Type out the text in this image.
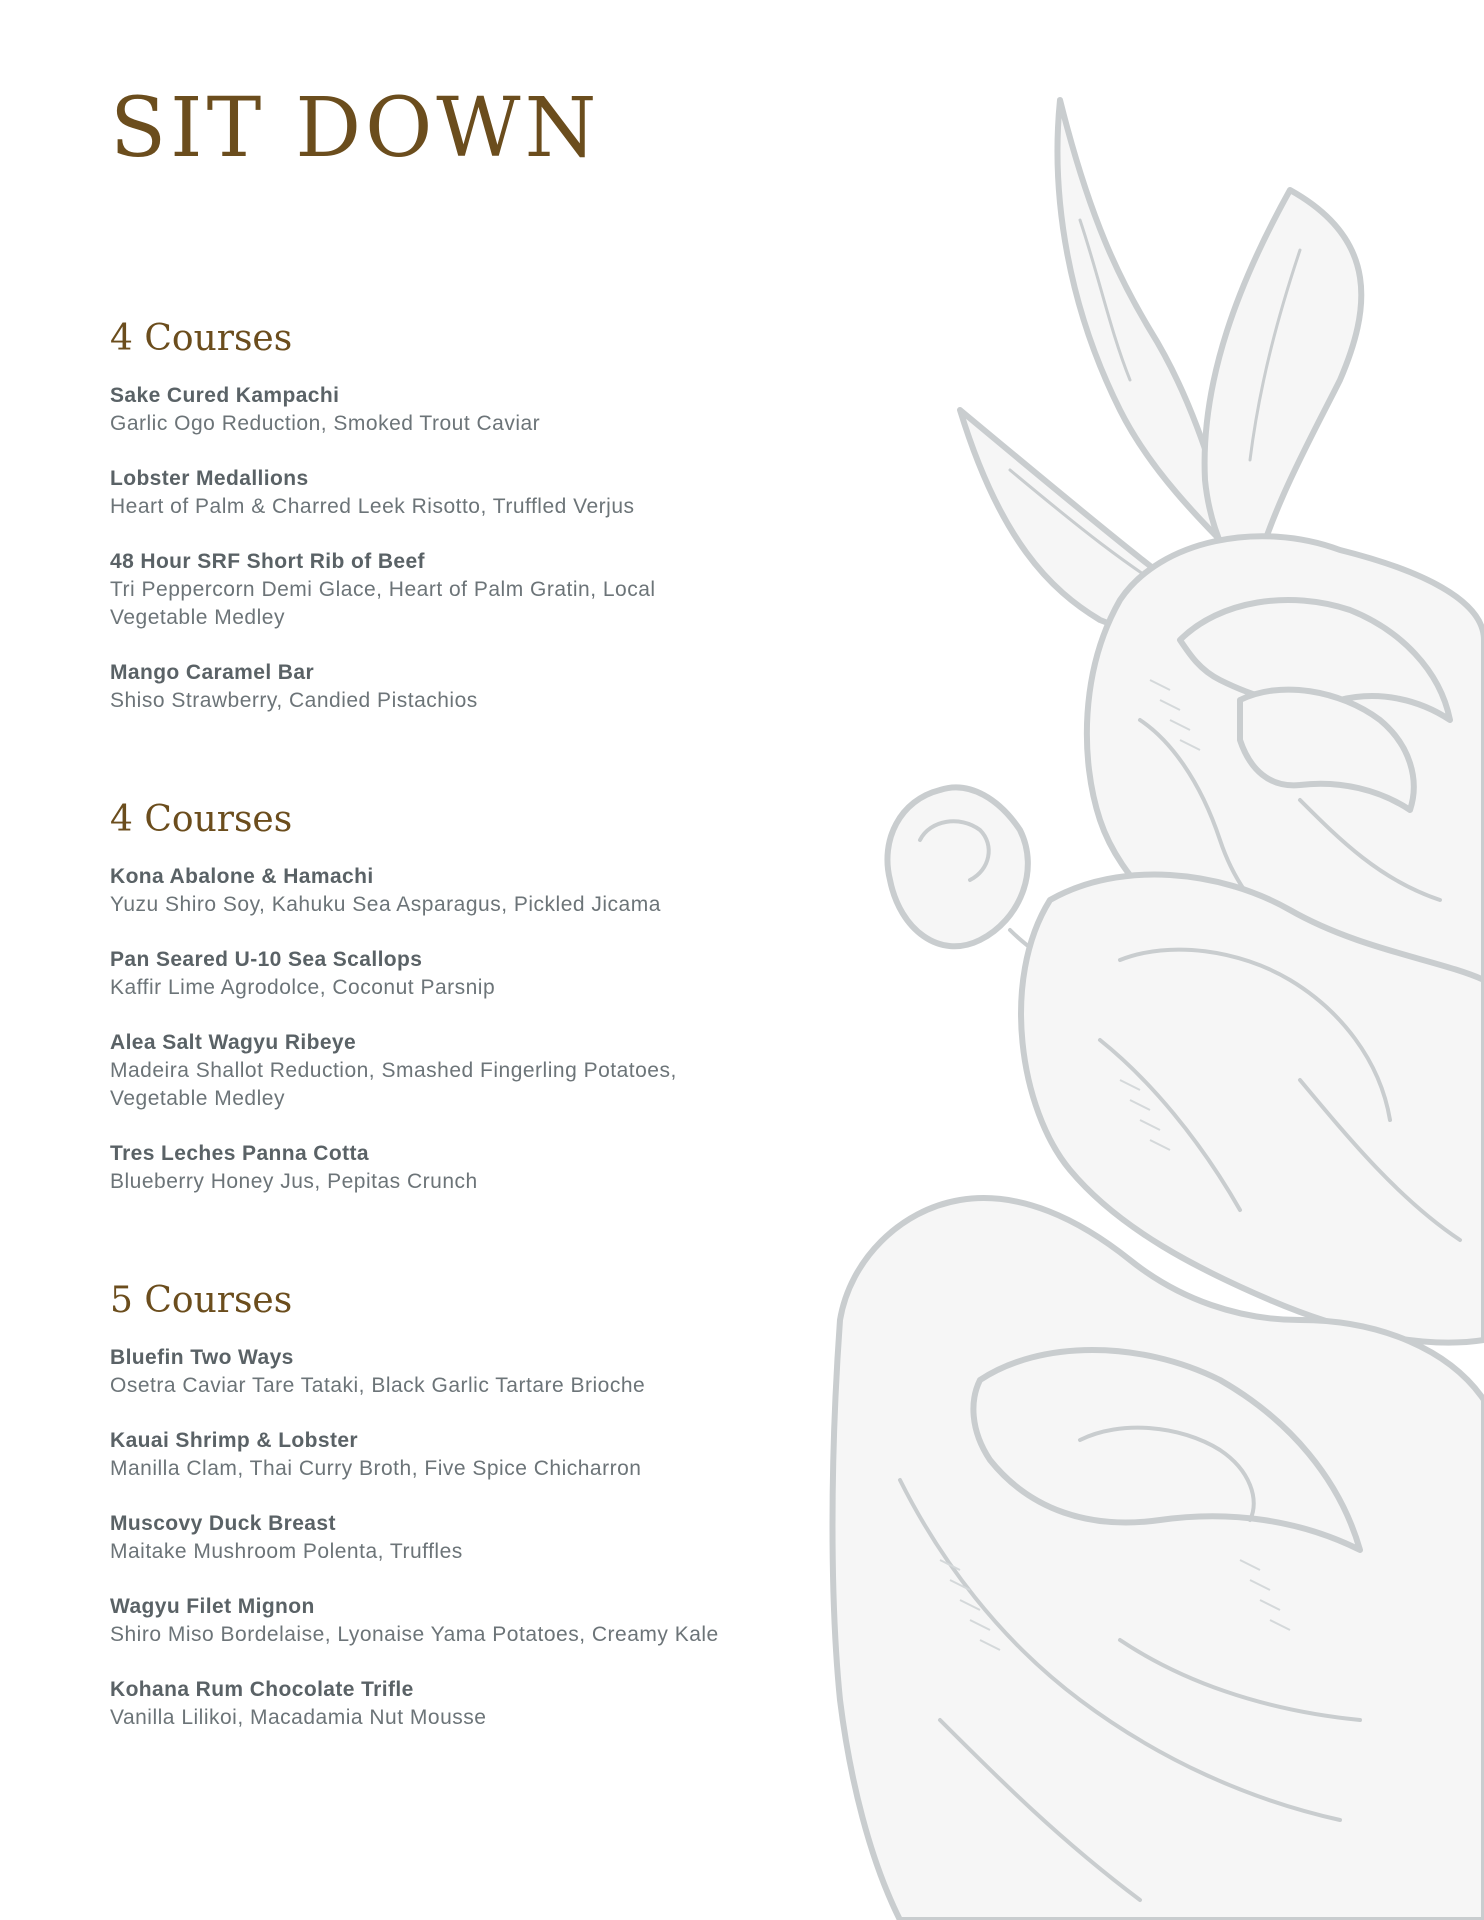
SIT DOWN
4 Courses
Sake Cured Kampachi
Garlic Ogo Reduction, Smoked Trout Caviar
Lobster Medallions
Heart of Palm & Charred Leek Risotto, Truffled Verjus
48 Hour SRF Short Rib of Beef
Tri Peppercorn Demi Glace, Heart of Palm Gratin, Local Vegetable Medley
Mango Caramel Bar
Shiso Strawberry, Candied Pistachios
4 Courses
Kona Abalone & Hamachi
Yuzu Shiro Soy, Kahuku Sea Asparagus, Pickled Jicama
Pan Seared U-10 Sea Scallops
Kaffir Lime Agrodolce, Coconut Parsnip
Alea Salt Wagyu Ribeye
Madeira Shallot Reduction, Smashed Fingerling Potatoes, Vegetable Medley
Tres Leches Panna Cotta
Blueberry Honey Jus, Pepitas Crunch
5 Courses
Bluefin Two Ways
Osetra Caviar Tare Tataki, Black Garlic Tartare Brioche
Kauai Shrimp & Lobster
Manilla Clam, Thai Curry Broth, Five Spice Chicharron
Muscovy Duck Breast
Maitake Mushroom Polenta, Truffles
Wagyu Filet Mignon
Shiro Miso Bordelaise, Lyonaise Yama Potatoes, Creamy Kale
Kohana Rum Chocolate Trifle
Vanilla Lilikoi, Macadamia Nut Mousse
